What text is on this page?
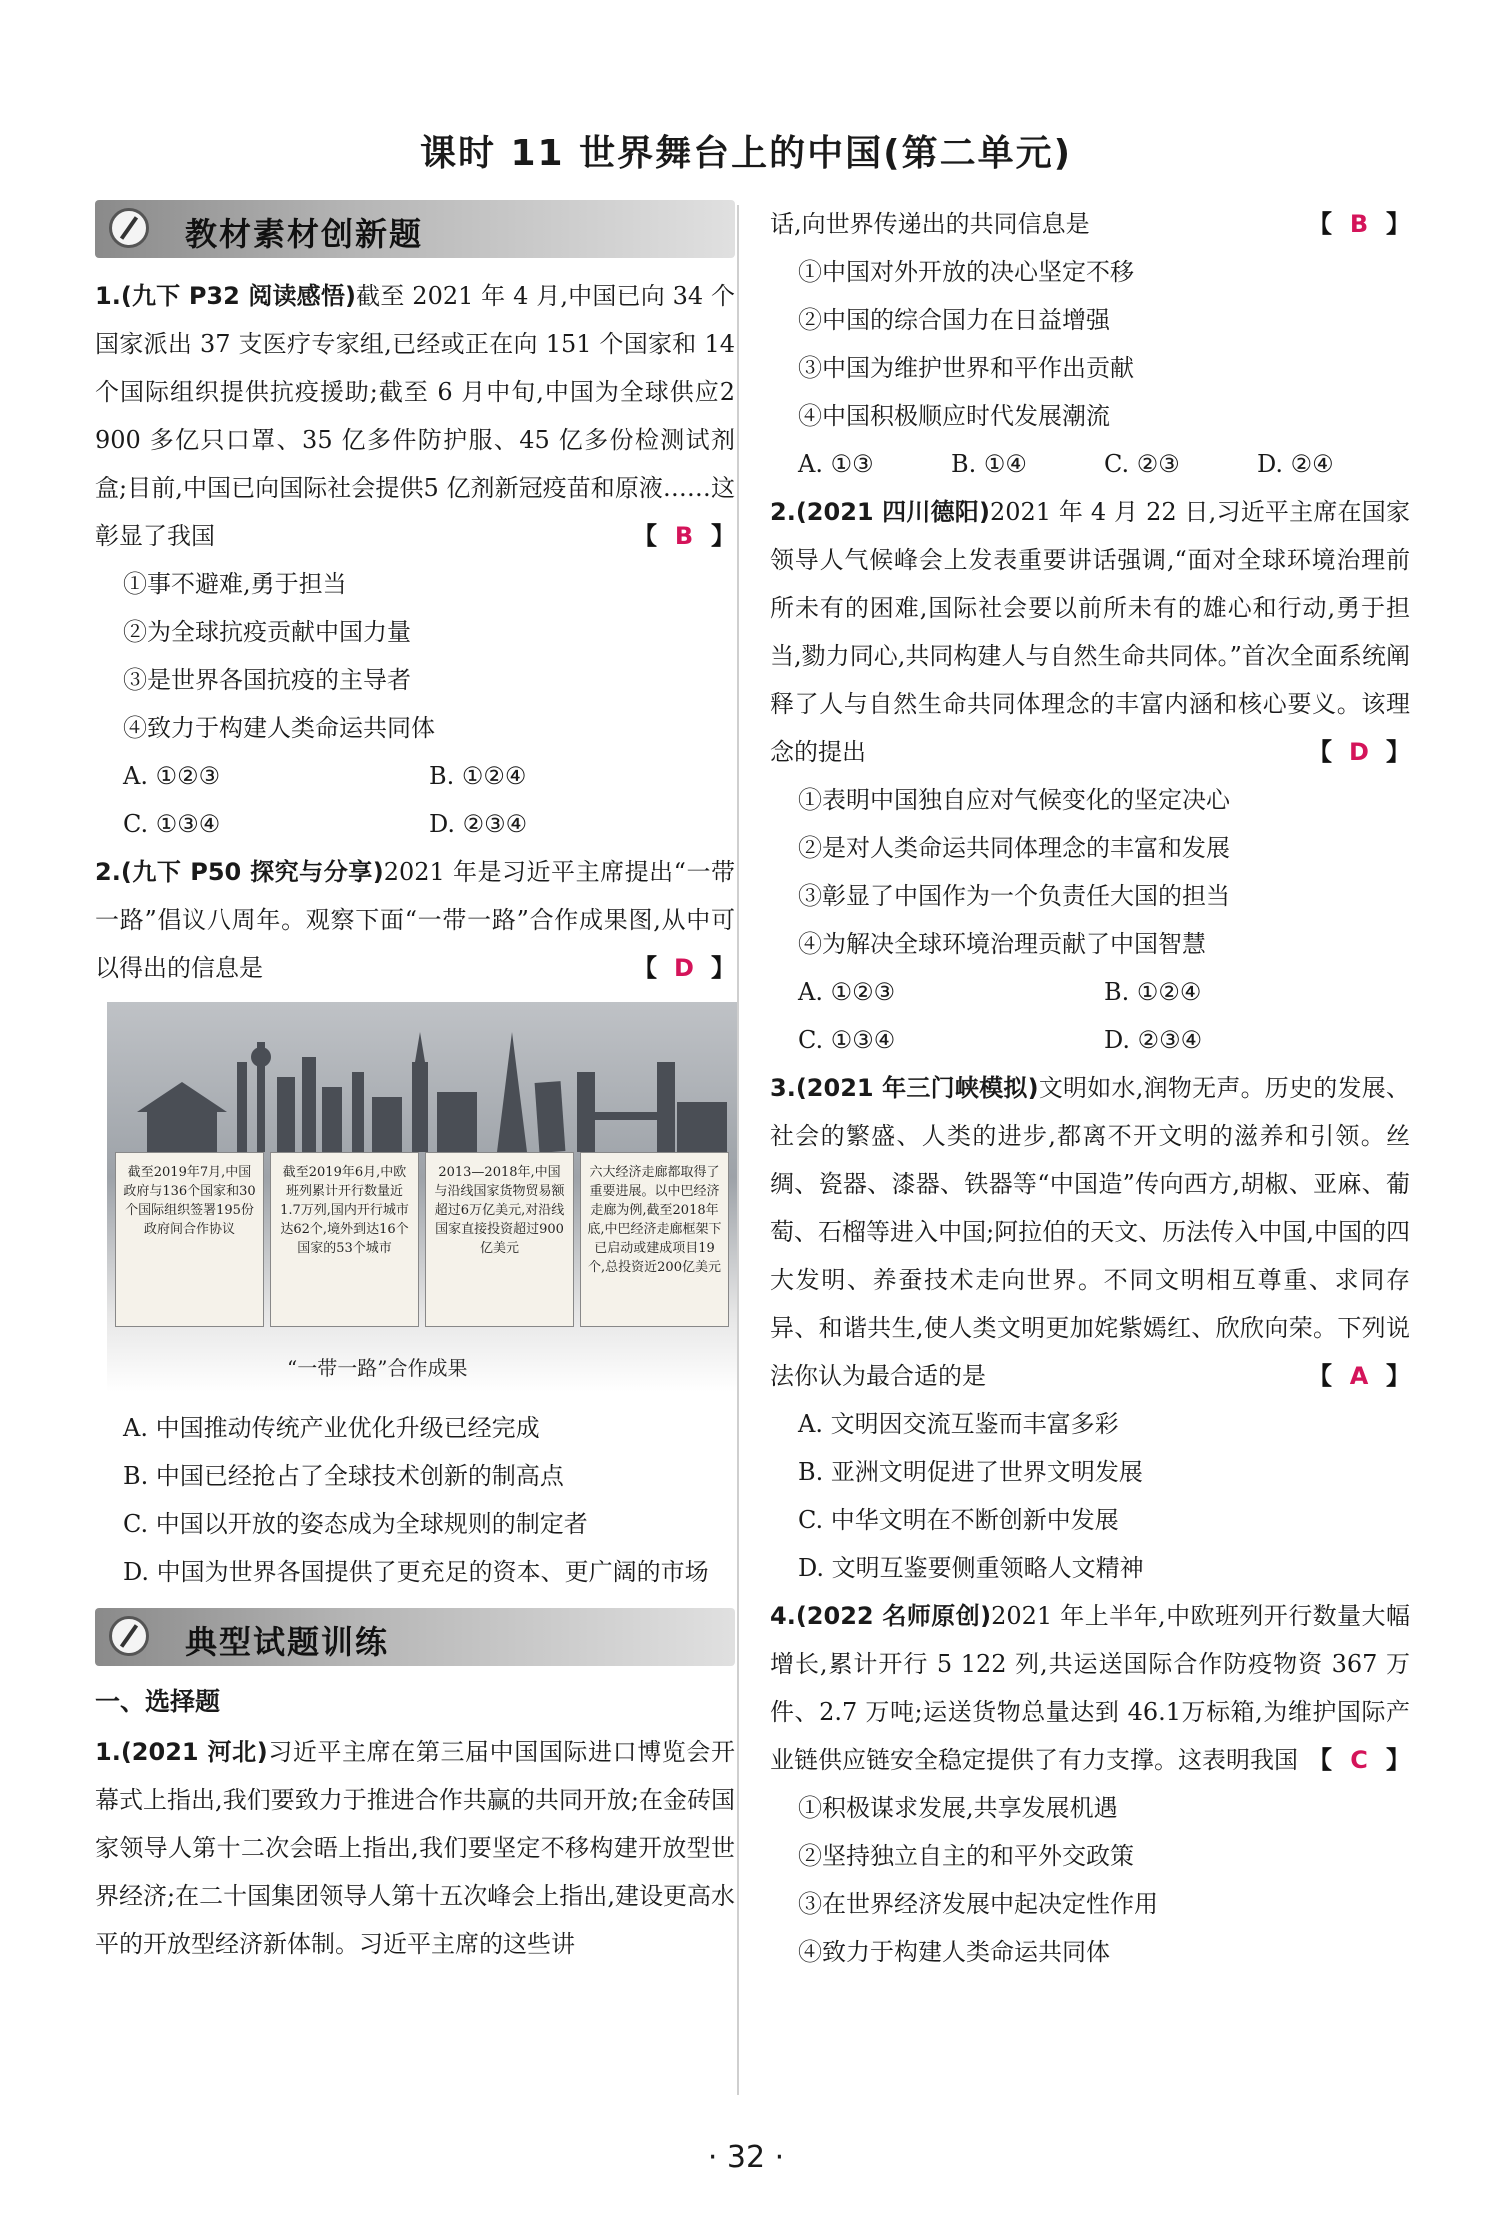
课时 11 世界舞台上的中国(第二单元)
教材素材创新题

1.(九下 P32 阅读感悟)截至 2021 年 4 月,中国已向 34 个国家派出 37 支医疗专家组,已经或正在向 151 个国家和 14 个国际组织提供抗疫援助;截至 6 月中旬,中国为全球供应2 900 多亿只口罩、35 亿多件防护服、45 亿多份检测试剂盒;目前,中国已向国际社会提供5 亿剂新冠疫苗和原液……这彰显了我国	【 B 】

①事不避难,勇于担当

②为全球抗疫贡献中国力量

③是世界各国抗疫的主导者

④致力于构建人类命运共同体

A. ①②③	B. ①②④
C. ①③④	D. ②③④

2.(九下 P50 探究与分享)2021 年是习近平主席提出“一带一路”倡议八周年。观察下面“一带一路”合作成果图,从中可以得出的信息是	【 D 】

截至2019年7月,中国政府与136个国家和30个国际组织签署195份政府间合作协议
截至2019年6月,中欧班列累计开行数量近1.7万列,国内开行城市达62个,境外到达16个国家的53个城市
2013—2018年,中国与沿线国家货物贸易额超过6万亿美元,对沿线国家直接投资超过900亿美元
六大经济走廊都取得了重要进展。以中巴经济走廊为例,截至2018年底,中巴经济走廊框架下已启动或建成项目19个,总投资近200亿美元
“一带一路”合作成果

A. 中国推动传统产业优化升级已经完成

B. 中国已经抢占了全球技术创新的制高点

C. 中国以开放的姿态成为全球规则的制定者

D. 中国为世界各国提供了更充足的资本、更广阔的市场

典型试题训练
一、选择题

1.(2021 河北)习近平主席在第三届中国国际进口博览会开幕式上指出,我们要致力于推进合作共赢的共同开放;在金砖国家领导人第十二次会晤上指出,我们要坚定不移构建开放型世界经济;在二十国集团领导人第十五次峰会上指出,建设更高水平的开放型经济新体制。习近平主席的这些讲

话,向世界传递出的共同信息是	【 B 】

①中国对外开放的决心坚定不移

②中国的综合国力在日益增强

③中国为维护世界和平作出贡献

④中国积极顺应时代发展潮流

A. ①③	B. ①④	C. ②③	D. ②④

2.(2021 四川德阳)2021 年 4 月 22 日,习近平主席在国家领导人气候峰会上发表重要讲话强调,“面对全球环境治理前所未有的困难,国际社会要以前所未有的雄心和行动,勇于担当,勠力同心,共同构建人与自然生命共同体。”首次全面系统阐释了人与自然生命共同体理念的丰富内涵和核心要义。该理念的提出	【 D 】

①表明中国独自应对气候变化的坚定决心

②是对人类命运共同体理念的丰富和发展

③彰显了中国作为一个负责任大国的担当

④为解决全球环境治理贡献了中国智慧

A. ①②③	B. ①②④
C. ①③④	D. ②③④

3.(2021 年三门峡模拟)文明如水,润物无声。历史的发展、社会的繁盛、人类的进步,都离不开文明的滋养和引领。丝绸、瓷器、漆器、铁器等“中国造”传向西方,胡椒、亚麻、葡萄、石榴等进入中国;阿拉伯的天文、历法传入中国,中国的四大发明、养蚕技术走向世界。不同文明相互尊重、求同存异、和谐共生,使人类文明更加姹紫嫣红、欣欣向荣。下列说法你认为最合适的是	【 A 】

A. 文明因交流互鉴而丰富多彩

B. 亚洲文明促进了世界文明发展

C. 中华文明在不断创新中发展

D. 文明互鉴要侧重领略人文精神

4.(2022 名师原创)2021 年上半年,中欧班列开行数量大幅增长,累计开行 5 122 列,共运送国际合作防疫物资 367 万件、2.7 万吨;运送货物总量达到 46.1万标箱,为维护国际产业链供应链安全稳定提供了有力支撑。这表明我国 【 C 】

①积极谋求发展,共享发展机遇

②坚持独立自主的和平外交政策

③在世界经济发展中起决定性作用

④致力于构建人类命运共同体

· 32 ·
